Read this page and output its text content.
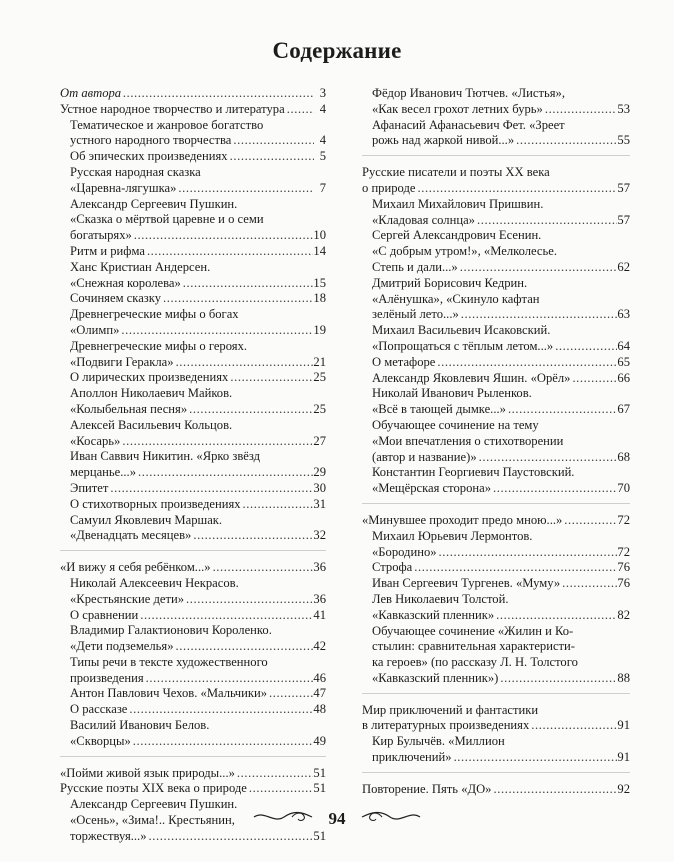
Содержание
От автора .....	3
Устное народное творчество и литература .....	4
Тематическое и жанровое богатство
устного народного творчества .....	4
Об эпических произведениях .....	5
Русская народная сказка
«Царевна-лягушка» .....	7
Александр Сергеевич Пушкин.
«Сказка о мёртвой царевне и о семи
богатырях» .....	10
Ритм и рифма .....	14
Ханс Кристиан Андерсен.
«Снежная королева» .....	15
Сочиняем сказку .....	18
Древнегреческие мифы о богах
«Олимп» .....	19
Древнегреческие мифы о героях.
«Подвиги Геракла» .....	21
О лирических произведениях .....	25
Аполлон Николаевич Майков.
«Колыбельная песня» .....	25
Алексей Васильевич Кольцов.
«Косарь» .....	27
Иван Саввич Никитин. «Ярко звёзд
мерцанье...» .....	29
Эпитет .....	30
О стихотворных произведениях .....	31
Самуил Яковлевич Маршак.
«Двенадцать месяцев» .....	32
«И вижу я себя ребёнком...» .....	36
Николай Алексеевич Некрасов.
«Крестьянские дети» .....	36
О сравнении .....	41
Владимир Галактионович Короленко.
«Дети подземелья» .....	42
Типы речи в тексте художественного
произведения .....	46
Антон Павлович Чехов. «Мальчики» .....	47
О рассказе .....	48
Василий Иванович Белов.
«Скворцы» .....	49
«Пойми живой язык природы...» .....	51
Русские поэты XIX века о природе .....	51
Александр Сергеевич Пушкин.
«Осень», «Зима!.. Крестьянин,
торжествуя...» .....	51
Фёдор Иванович Тютчев. «Листья»,
«Как весел грохот летних бурь» .....	53
Афанасий Афанасьевич Фет. «Зреет
рожь над жаркой нивой...» .....	55
Русские писатели и поэты XX века
о природе .....	57
Михаил Михайлович Пришвин.
«Кладовая солнца» .....	57
Сергей Александрович Есенин.
«С добрым утром!», «Мелколесье.
Степь и дали...» .....	62
Дмитрий Борисович Кедрин.
«Алёнушка», «Скинуло кафтан
зелёный лето...» .....	63
Михаил Васильевич Исаковский.
«Попрощаться с тёплым летом...» .....	64
О метафоре .....	65
Александр Яковлевич Яшин. «Орёл» .....	66
Николай Иванович Рыленков.
«Всё в тающей дымке...» .....	67
Обучающее сочинение на тему
«Мои впечатления о стихотворении
(автор и название)» .....	68
Константин Георгиевич Паустовский.
«Мещёрская сторона» .....	70
«Минувшее проходит предо мною...» .....	72
Михаил Юрьевич Лермонтов.
«Бородино» .....	72
Строфа .....	76
Иван Сергеевич Тургенев. «Муму» .....	76
Лев Николаевич Толстой.
«Кавказский пленник» .....	82
Обучающее сочинение «Жилин и Ко-
стылин: сравнительная характеристи-
ка героев» (по рассказу Л. Н. Толстого
«Кавказский пленник») .....	88
Мир приключений и фантастики
в литературных произведениях .....	91
Кир Булычёв. «Миллион
приключений» .....	91
Повторение. Пять «ДО» .....	92
94
